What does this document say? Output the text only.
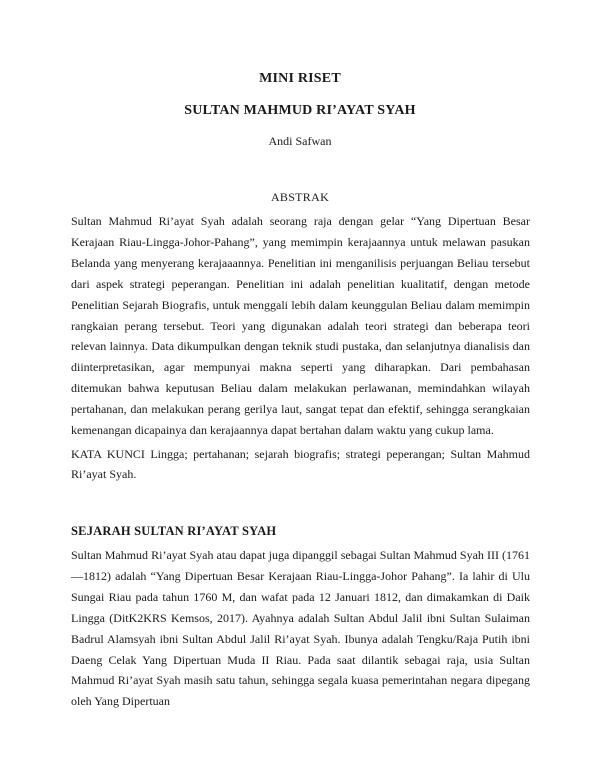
MINI RISET
SULTAN MAHMUD RI’AYAT SYAH
Andi Safwan
ABSTRAK

Sultan Mahmud Ri’ayat Syah adalah seorang raja dengan gelar “Yang Dipertuan Besar Kerajaan Riau-Lingga-Johor-Pahang”, yang memimpin kerajaannya untuk melawan pasukan Belanda yang menyerang kerajaaannya. Penelitian ini menganilisis perjuangan Beliau tersebut dari aspek strategi peperangan. Penelitian ini adalah penelitian kualitatif, dengan metode Penelitian Sejarah Biografis, untuk menggali lebih dalam keunggulan Beliau dalam memimpin rangkaian perang tersebut. Teori yang digunakan adalah teori strategi dan beberapa teori relevan lainnya. Data dikumpulkan dengan teknik studi pustaka, dan selanjutnya dianalisis dan diinterpretasikan, agar mempunyai makna seperti yang diharapkan. Dari pembahasan ditemukan bahwa keputusan Beliau dalam melakukan perlawanan, memindahkan wilayah pertahanan, dan melakukan perang gerilya laut, sangat tepat dan efektif, sehingga serangkaian kemenangan dicapainya dan kerajaannya dapat bertahan dalam waktu yang cukup lama.

KATA KUNCI Lingga; pertahanan; sejarah biografis; strategi peperangan; Sultan Mahmud Ri’ayat Syah.

SEJARAH SULTAN RI’AYAT SYAH

Sultan Mahmud Ri’ayat Syah atau dapat juga dipanggil sebagai Sultan Mahmud Syah III (1761—1812) adalah “Yang Dipertuan Besar Kerajaan Riau-Lingga-Johor Pahang”. Ia lahir di Ulu Sungai Riau pada tahun 1760 M, dan wafat pada 12 Januari 1812, dan dimakamkan di Daik Lingga (DitK2KRS Kemsos, 2017). Ayahnya adalah Sultan Abdul Jalil ibni Sultan Sulaiman Badrul Alamsyah ibni Sultan Abdul Jalil Ri’ayat Syah. Ibunya adalah Tengku/Raja Putih ibni Daeng Celak Yang Dipertuan Muda II Riau. Pada saat dilantik sebagai raja, usia Sultan Mahmud Ri’ayat Syah masih satu tahun, sehingga segala kuasa pemerintahan negara dipegang oleh Yang Dipertuan
